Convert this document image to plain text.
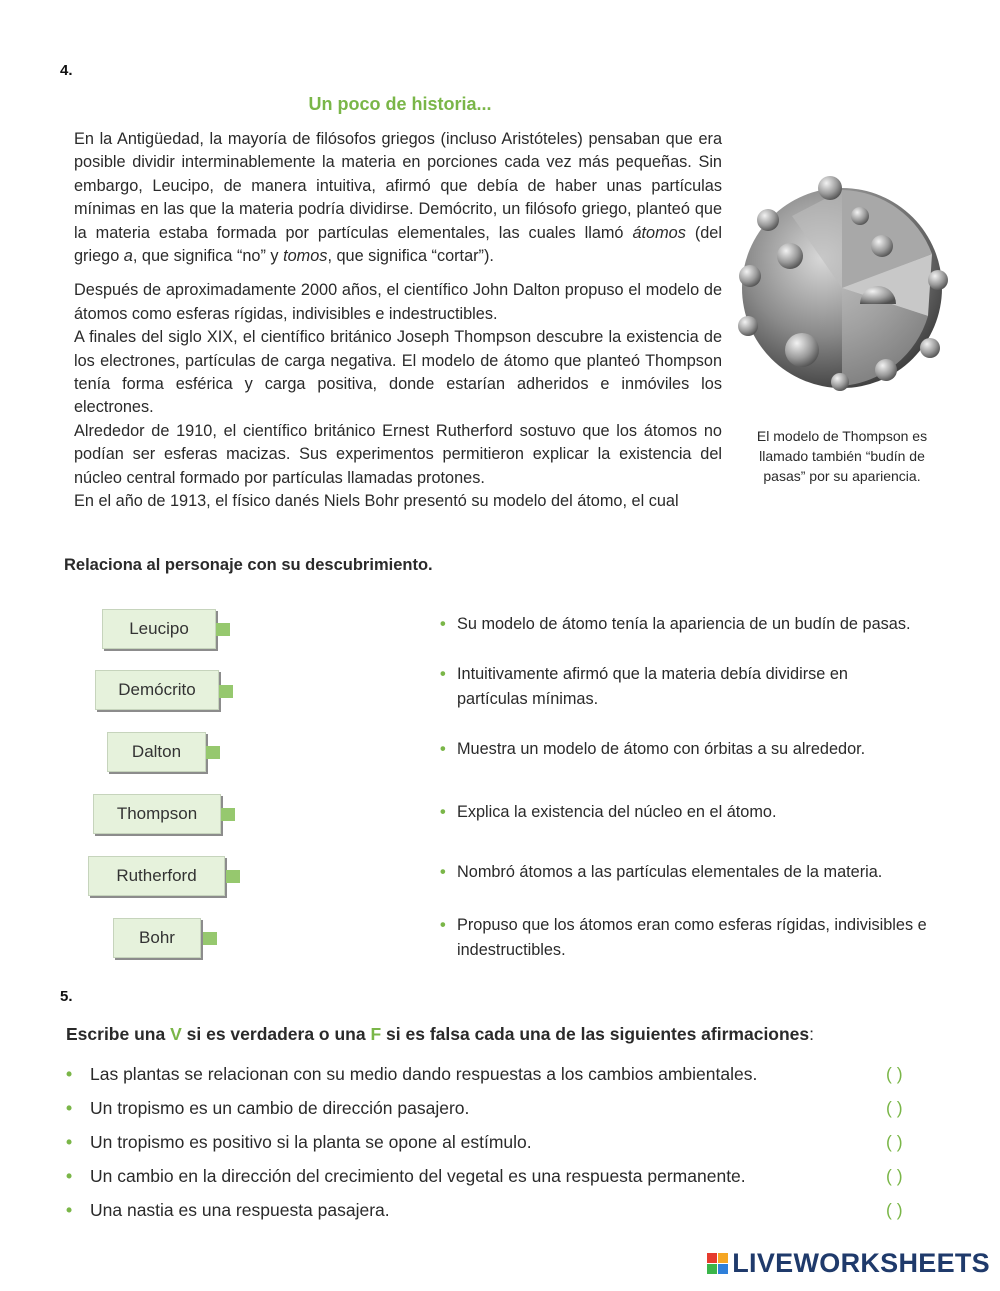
4.
Un poco de historia...

En la Antigüedad, la mayoría de filósofos griegos (incluso Aristóteles) pensaban que era posible dividir interminablemente la materia en porciones cada vez más pequeñas. Sin embargo, Leucipo, de manera intuitiva, afirmó que debía de haber unas partículas mínimas en las que la materia podría dividirse. Demócrito, un filósofo griego, planteó que la materia estaba formada por partículas elementales, las cuales llamó átomos (del griego a, que significa “no” y tomos, que significa “cortar”).

Después de aproximadamente 2000 años, el científico John Dalton propuso el modelo de átomos como esferas rígidas, indivisibles e indestructibles.

A finales del siglo XIX, el científico británico Joseph Thompson descubre la existencia de los electrones, partículas de carga negativa. El modelo de átomo que planteó Thompson tenía forma esférica y carga positiva, donde estarían adheridos e inmóviles los electrones.

Alrededor de 1910, el científico británico Ernest Rutherford sostuvo que los átomos no podían ser esferas macizas. Sus experimentos permitieron explicar la existencia del núcleo central formado por partículas llamadas protones.

En el año de 1913, el físico danés Niels Bohr presentó su modelo del átomo, el cual

El modelo de Thompson es llamado también “budín de pasas” por su apariencia.
Relaciona al personaje con su descubrimiento.
Leucipo
Demócrito
Dalton
Thompson
Rutherford
Bohr
• Su modelo de átomo tenía la apariencia de un budín de pasas.
• Intuitivamente afirmó que la materia debía dividirse en partículas mínimas.
• Muestra un modelo de átomo con órbitas a su alrededor.
• Explica la existencia del núcleo en el átomo.
• Nombró átomos a las partículas elementales de la materia.
• Propuso que los átomos eran como esferas rígidas, indivisibles e indestructibles.
5.
Escribe una V si es verdadera o una F si es falsa cada una de las siguientes afirmaciones:
• Las plantas se relacionan con su medio dando respuestas a los cambios ambientales.	( )
• Un tropismo es un cambio de dirección pasajero.	( )
• Un tropismo es positivo si la planta se opone al estímulo.	( )
• Un cambio en la dirección del crecimiento del vegetal es una respuesta permanente.	( )
• Una nastia es una respuesta pasajera.	( )
LIVEWORKSHEETS
